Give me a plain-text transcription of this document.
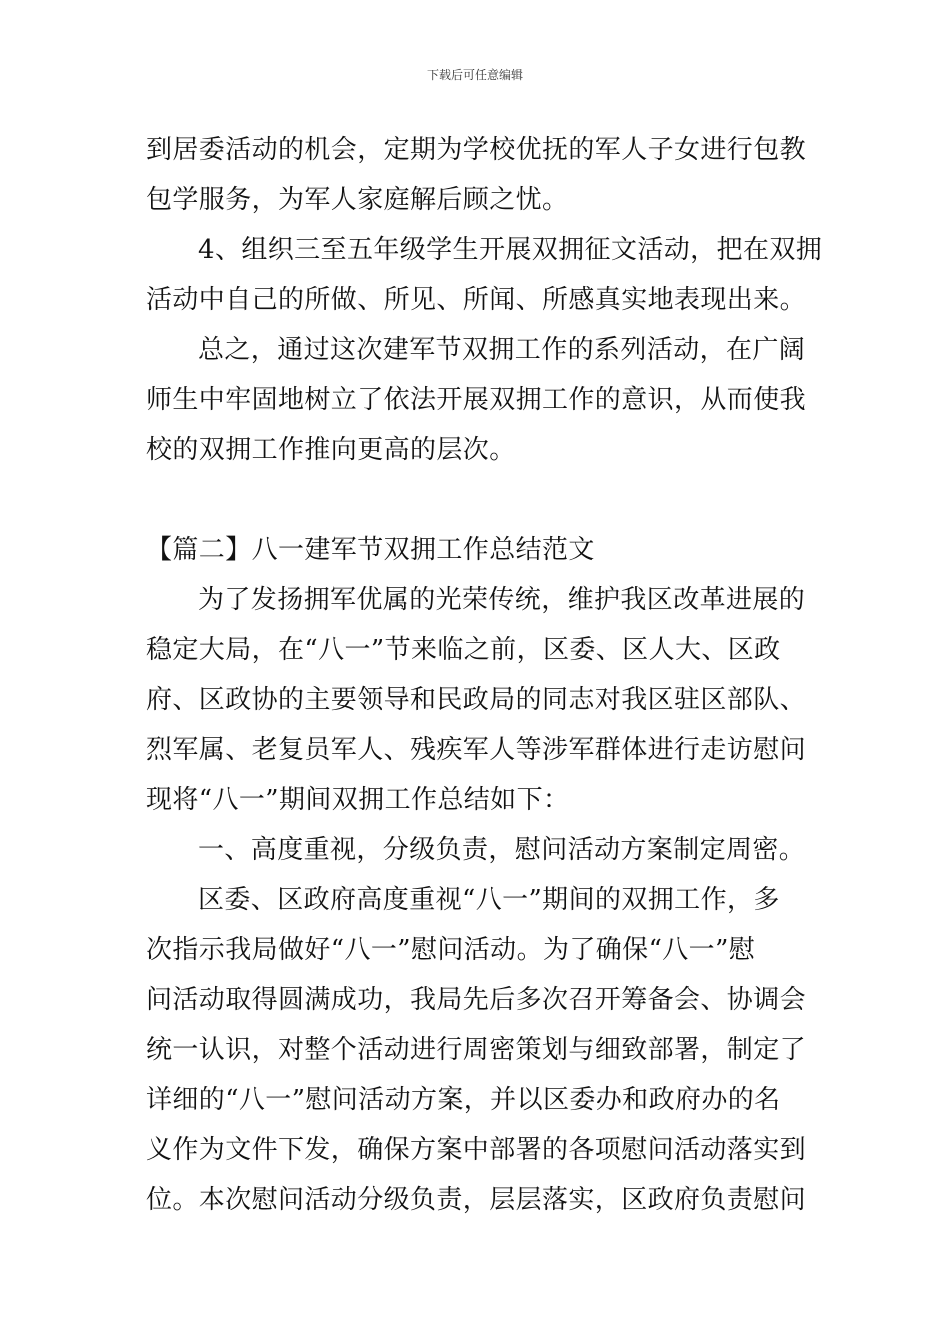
下载后可任意编辑
到居委活动的机会，定期为学校优抚的军人子女进行包教
包学服务，为军人家庭解后顾之忧。
4、组织三至五年级学生开展双拥征文活动，把在双拥
活动中自己的所做、所见、所闻、所感真实地表现出来。
总之，通过这次建军节双拥工作的系列活动，在广阔
师生中牢固地树立了依法开展双拥工作的意识，从而使我
校的双拥工作推向更高的层次。
【篇二】八一建军节双拥工作总结范文
为了发扬拥军优属的光荣传统，维护我区改革进展的
稳定大局，在“八一”节来临之前，区委、区人大、区政
府、区政协的主要领导和民政局的同志对我区驻区部队、
烈军属、老复员军人、残疾军人等涉军群体进行走访慰问
现将“八一”期间双拥工作总结如下：
一、高度重视，分级负责，慰问活动方案制定周密。
区委、区政府高度重视“八一”期间的双拥工作，多
次指示我局做好“八一”慰问活动。为了确保“八一”慰
问活动取得圆满成功，我局先后多次召开筹备会、协调会
统一认识，对整个活动进行周密策划与细致部署，制定了
详细的“八一”慰问活动方案，并以区委办和政府办的名
义作为文件下发，确保方案中部署的各项慰问活动落实到
位。本次慰问活动分级负责，层层落实，区政府负责慰问
